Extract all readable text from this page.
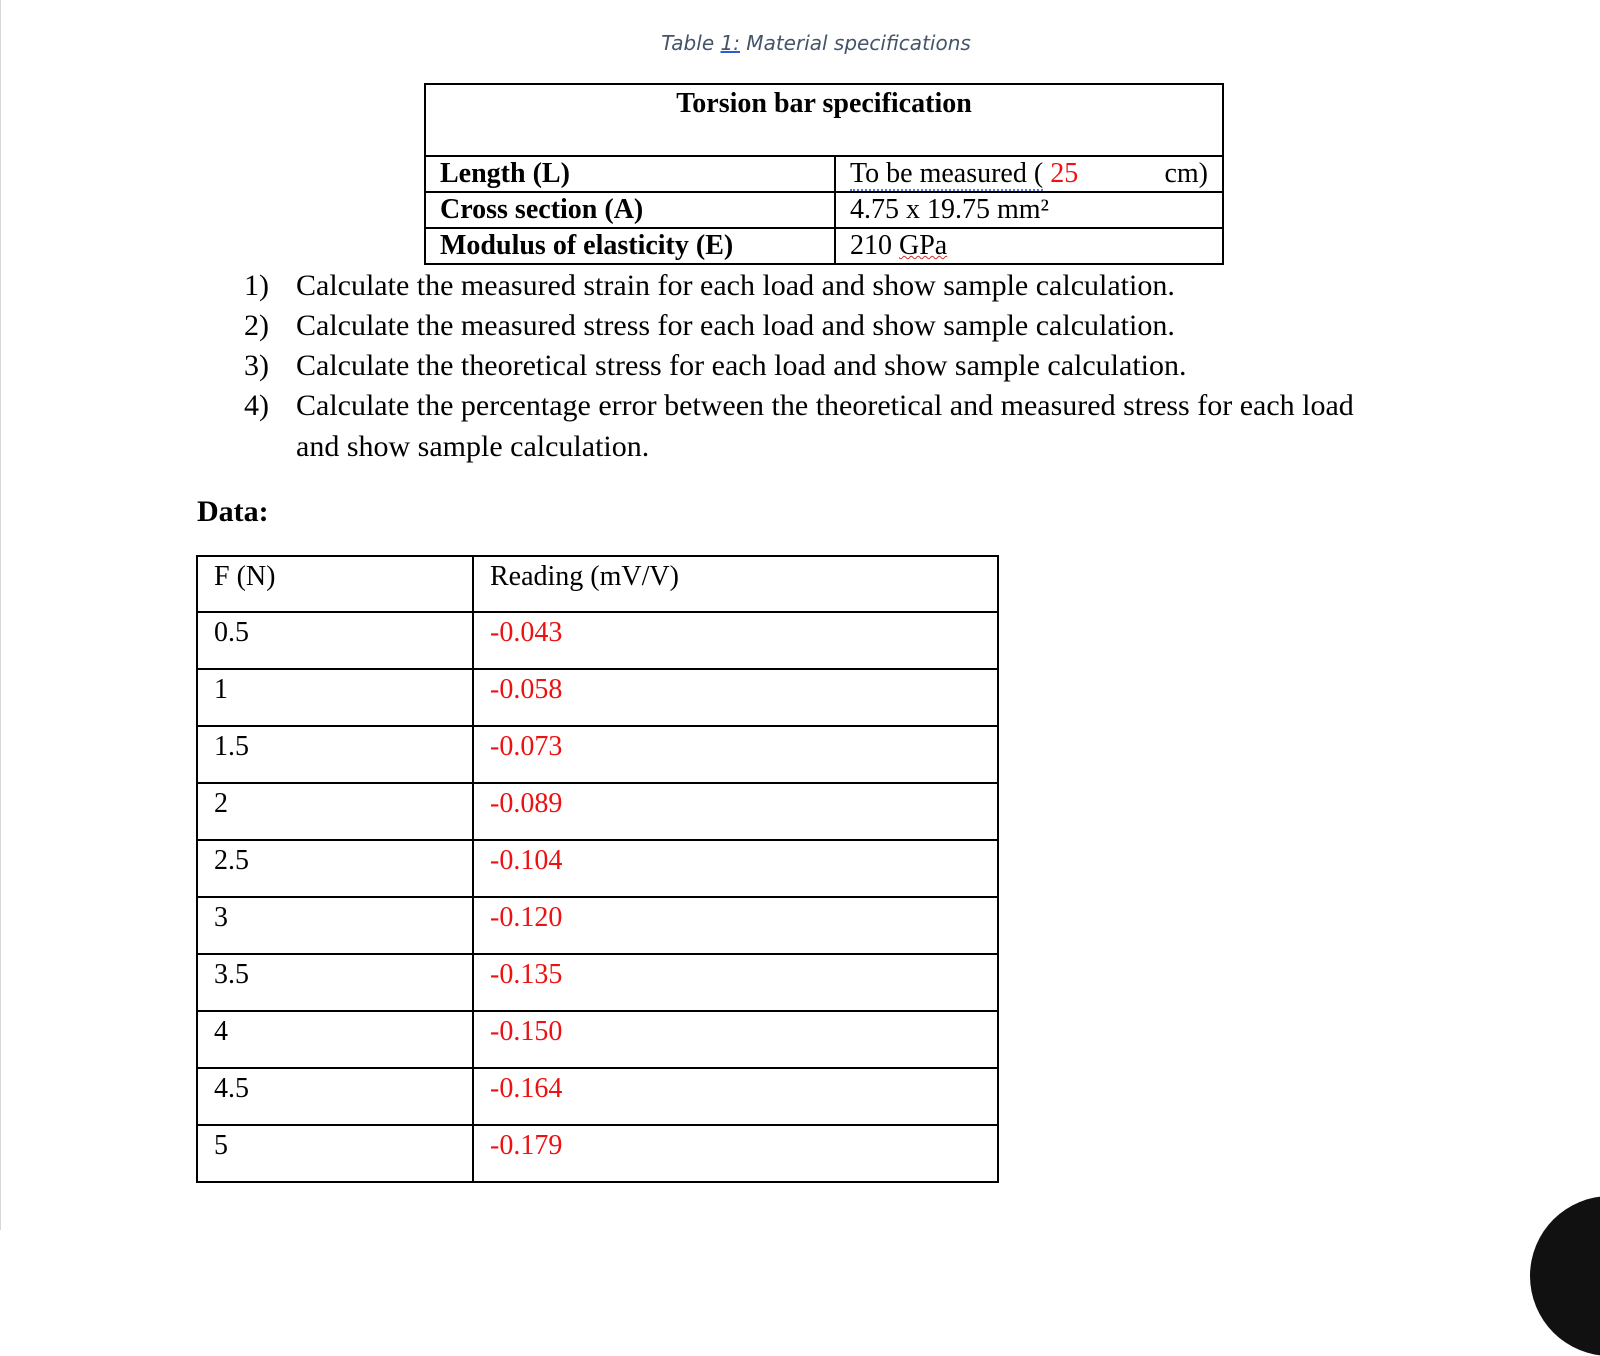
Table 1: Material specifications
Torsion bar specification	
Length (L)	To be measured ( 25 cm)

Cross section (A)	4.75 x 19.75 mm²
Modulus of elasticity (E)	210 GPa
1) Calculate the measured strain for each load and show sample calculation.
2) Calculate the measured stress for each load and show sample calculation.
3) Calculate the theoretical stress for each load and show sample calculation.
4) Calculate the percentage error between the theoretical and measured stress for each load
and show sample calculation.
Data:
F (N)	Reading (mV/V)
0.5	-0.043
1	-0.058
1.5	-0.073
2	-0.089
2.5	-0.104
3	-0.120
3.5	-0.135
4	-0.150
4.5	-0.164
5	-0.179
